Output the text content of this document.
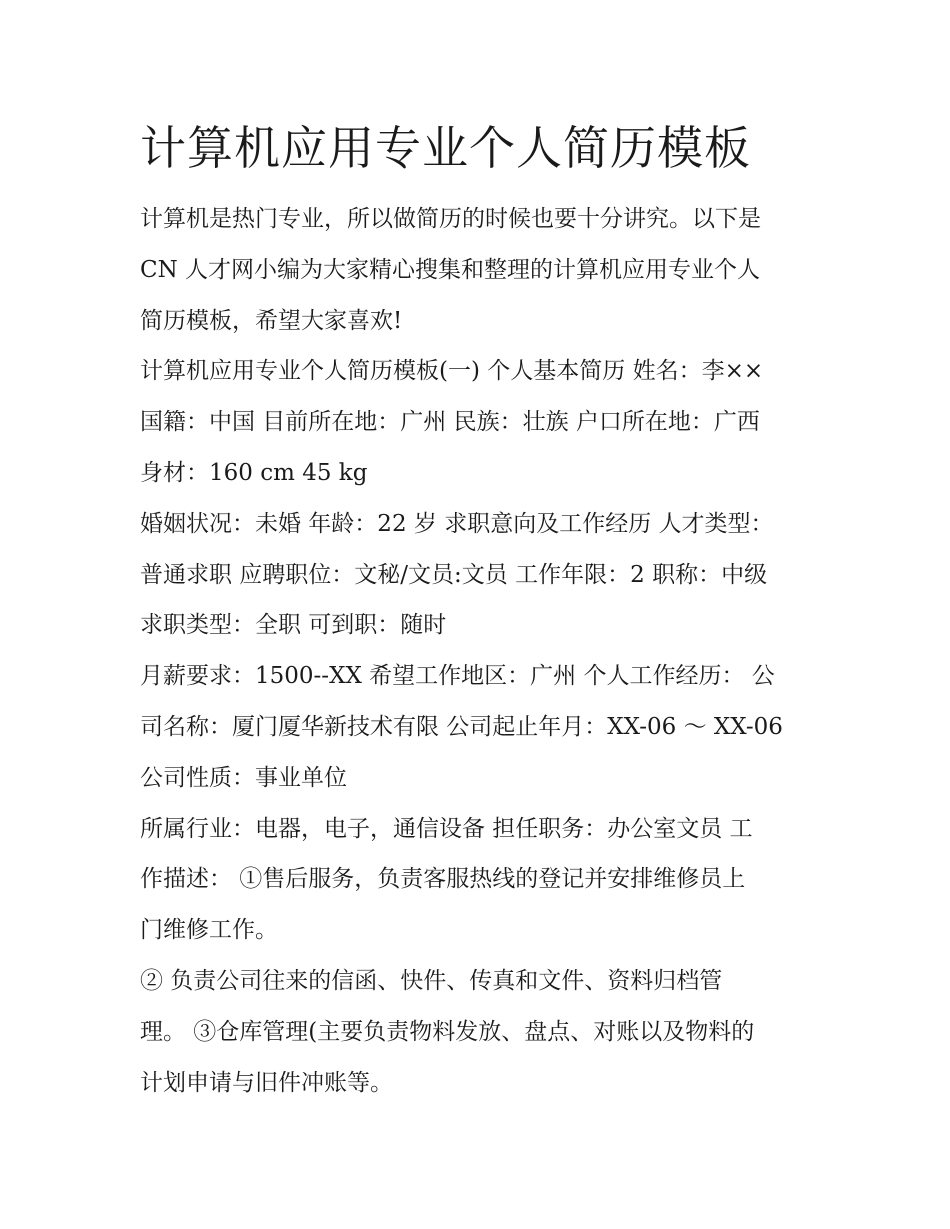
计算机应用专业个人简历模板

计算机是热门专业，所以做简历的时候也要十分讲究。以下是

CN 人才网小编为大家精心搜集和整理的计算机应用专业个人

简历模板，希望大家喜欢!

计算机应用专业个人简历模板(一) 个人基本简历 姓名：李××

国籍：中国 目前所在地：广州 民族：壮族 户口所在地：广西

身材：160 cm 45 kg

婚姻状况：未婚 年龄：22 岁 求职意向及工作经历 人才类型：

普通求职 应聘职位：文秘/文员:文员 工作年限：2 职称：中级

求职类型：全职 可到职：随时

月薪要求：1500--XX 希望工作地区：广州 个人工作经历： 公

司名称：厦门厦华新技术有限 公司起止年月：XX-06 ～ XX-06

公司性质：事业单位

所属行业：电器，电子，通信设备 担任职务：办公室文员 工

作描述： ①售后服务，负责客服热线的登记并安排维修员上

门维修工作。

② 负责公司往来的信函、快件、传真和文件、资料归档管

理。 ③仓库管理(主要负责物料发放、盘点、对账以及物料的

计划申请与旧件冲账等。
